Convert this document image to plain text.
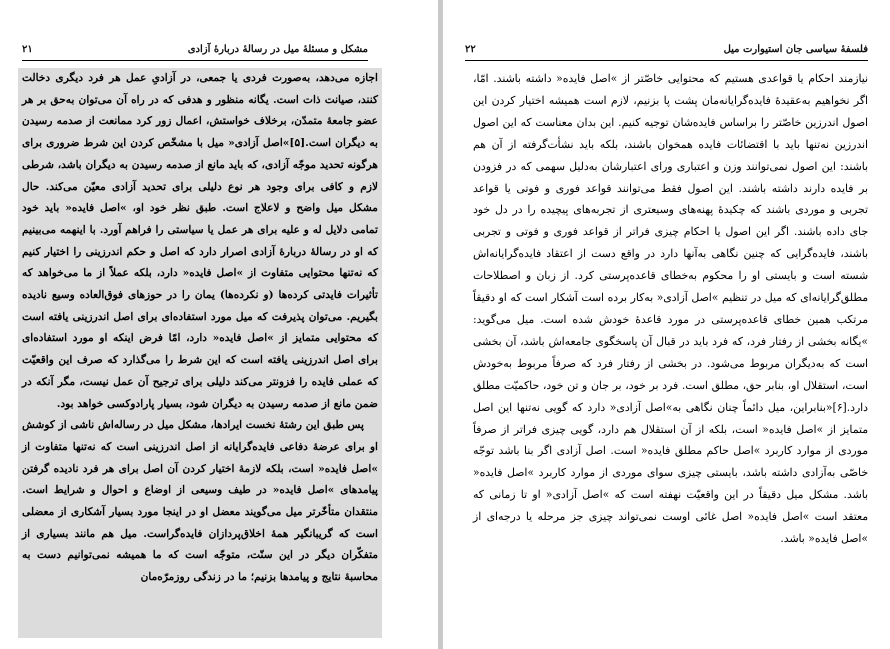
مشکل و مسئلهٔ میل در رسالهٔ دربارهٔ آزادی
۲۱

اجازه می‌دهد، به‌صورت فردی یا جمعی، در آزادیِ عمل هر فرد دیگری دخالت کنند، صیانت ذات است. یگانه منظور و هدفی که در راه آن می‌توان به‌حق بر هر عضو جامعهٔ متمدّن، برخلاف خواستش، اعمال زور کرد ممانعت از صدمه رسیدن به دیگران است.[۵]»اصل آزادی« میل با مشخّص کردن این شرط ضروری برای هرگونه تحدید موجّه آزادی، که باید مانع از صدمه رسیدن به دیگران باشد، شرطی لازم و کافی برای وجود هر نوع دلیلی برای تحدید آزادی معیّن می‌کند. حال مشکل میل واضح و لاعلاج است. طبق نظر خود او، »اصل فایده« باید خود تمامی دلایل له و علیه برای هر عمل یا سیاستی را فراهم آورد. با اینهمه می‌بینیم که او در رسالهٔ دربارهٔ آزادی اصرار دارد که اصل و حکم اندرزینی را اختیار کنیم که نه‌تنها محتوایی متفاوت از »اصل فایده« دارد، بلکه عملاً از ما می‌خواهد که تأثیرات فایدتی کرده‌ها (و نکرده‌ها) یمان را در حوزهای فوق‌العاده وسیع نادیده بگیریم. می‌توان پذیرفت که میل مورد استفاده‌ای برای اصل اندرزینی یافته است که محتوایی متمایز از »اصل فایده« دارد، امّا فرض اینکه او مورد استفاده‌ای برای اصل اندرزینی یافته است که این شرط را می‌گذارد که صرف این واقعیّت که عملی فایده را فزونتر می‌کند دلیلی برای ترجیح آن عمل نیست، مگر آنکه در ضمن مانع از صدمه رسیدن به دیگران شود، بسیار پارادوکسی خواهد بود.

پس طبق این رشتهٔ نخست ایرادها، مشکل میل در رساله‌اش ناشی از کوشش او برای عرضهٔ دفاعی فایده‌گرایانه از اصل اندرزینی است که نه‌تنها متفاوت از »اصل فایده« است، بلکه لازمهٔ اختیار کردن آن اصل برای هر فرد نادیده گرفتن پیامدهای »اصل فایده« در طیف وسیعی از اوضاع و احوال و شرایط است. منتقدان متأخّرتر میل می‌گویند معضل او در اینجا مورد بسیار آشکاری از معضلی است که گریبانگیر همهٔ اخلاق‌پردازان فایده‌گراست. میل هم مانند بسیاری از متفکّران دیگر در این سنّت، متوجّه است که ما همیشه نمی‌توانیم دست به محاسبهٔ نتایج و پیامدها بزنیم؛ ما در زندگی روزمرّه‌مان

فلسفهٔ سیاسی جان استیوارت میل
۲۲

نیازمند احکام یا قواعدی هستیم که محتوایی خاصّتر از »اصل فایده« داشته باشند. امّا، اگر نخواهیم به‌عقیدهٔ فایده‌گرایانه‌مان پشت پا بزنیم، لازم است همیشه اختیار کردن این اصول اندرزین خاصّتر را براساس فایده‌شان توجیه کنیم. این بدان معناست که این اصول اندرزین نه‌تنها باید با اقتضائات فایده همخوان باشند، بلکه باید نشأت‌گرفته از آن هم باشند: این اصول نمی‌توانند وزن و اعتباری ورای اعتبارشان به‌دلیل سهمی که در فزودن بر فایده دارند داشته باشند. این اصول فقط می‌توانند قواعد فوری و فوتی یا قواعد تجربی و موردی باشند که چکیدهٔ پهنه‌های وسیعتری از تجربه‌های پیچیده را در دل خود جای داده باشند. اگر این اصول یا احکام چیزی فراتر از قواعد فوری و فوتی و تجربی باشند، فایده‌گرایی که چنین نگاهی به‌آنها دارد در واقع دست از اعتقاد فایده‌گرایانه‌اش شسته است و بایستی او را محکوم به‌خطای قاعده‌پرستی کرد. از زبان و اصطلاحات مطلق‌گرایانه‌ای که میل در تنظیم »اصل آزادی« به‌کار برده است آشکار است که او دقیقاً مرتکب همین خطای قاعده‌پرستی در مورد قاعدهٔ خودش شده است. میل می‌گوید: »یگانه بخشی از رفتار فرد، که فرد باید در قبال آن پاسخگوی جامعه‌اش باشد، آن بخشی است که به‌دیگران مربوط می‌شود. در بخشی از رفتار فرد که صرفاً مربوط به‌خودش است، استقلال او، بنابر حق، مطلق است. فرد بر خود، بر جان و تن خود، حاکمیّت مطلق دارد.[۶]«بنابراین، میل دائماً چنان نگاهی به»اصل آزادی« دارد که گویی نه‌تنها این اصل متمایز از »اصل فایده« است، بلکه از آن استقلال هم دارد، گویی چیزی فراتر از صرفاً موردی از موارد کاربرد »اصل حاکم مطلق فایده« است. اصل آزادی اگر بنا باشد توجّه خاصّی به‌آزادی داشته باشد، بایستی چیزی سوای موردی از موارد کاربرد »اصل فایده« باشد. مشکل میل دقیقاً در این واقعیّت نهفته است که »اصل آزادی« او تا زمانی که معتقد است »اصل فایده« اصل غائی اوست نمی‌تواند چیزی جز مرحله یا درجه‌ای از »اصل فایده« باشد.
